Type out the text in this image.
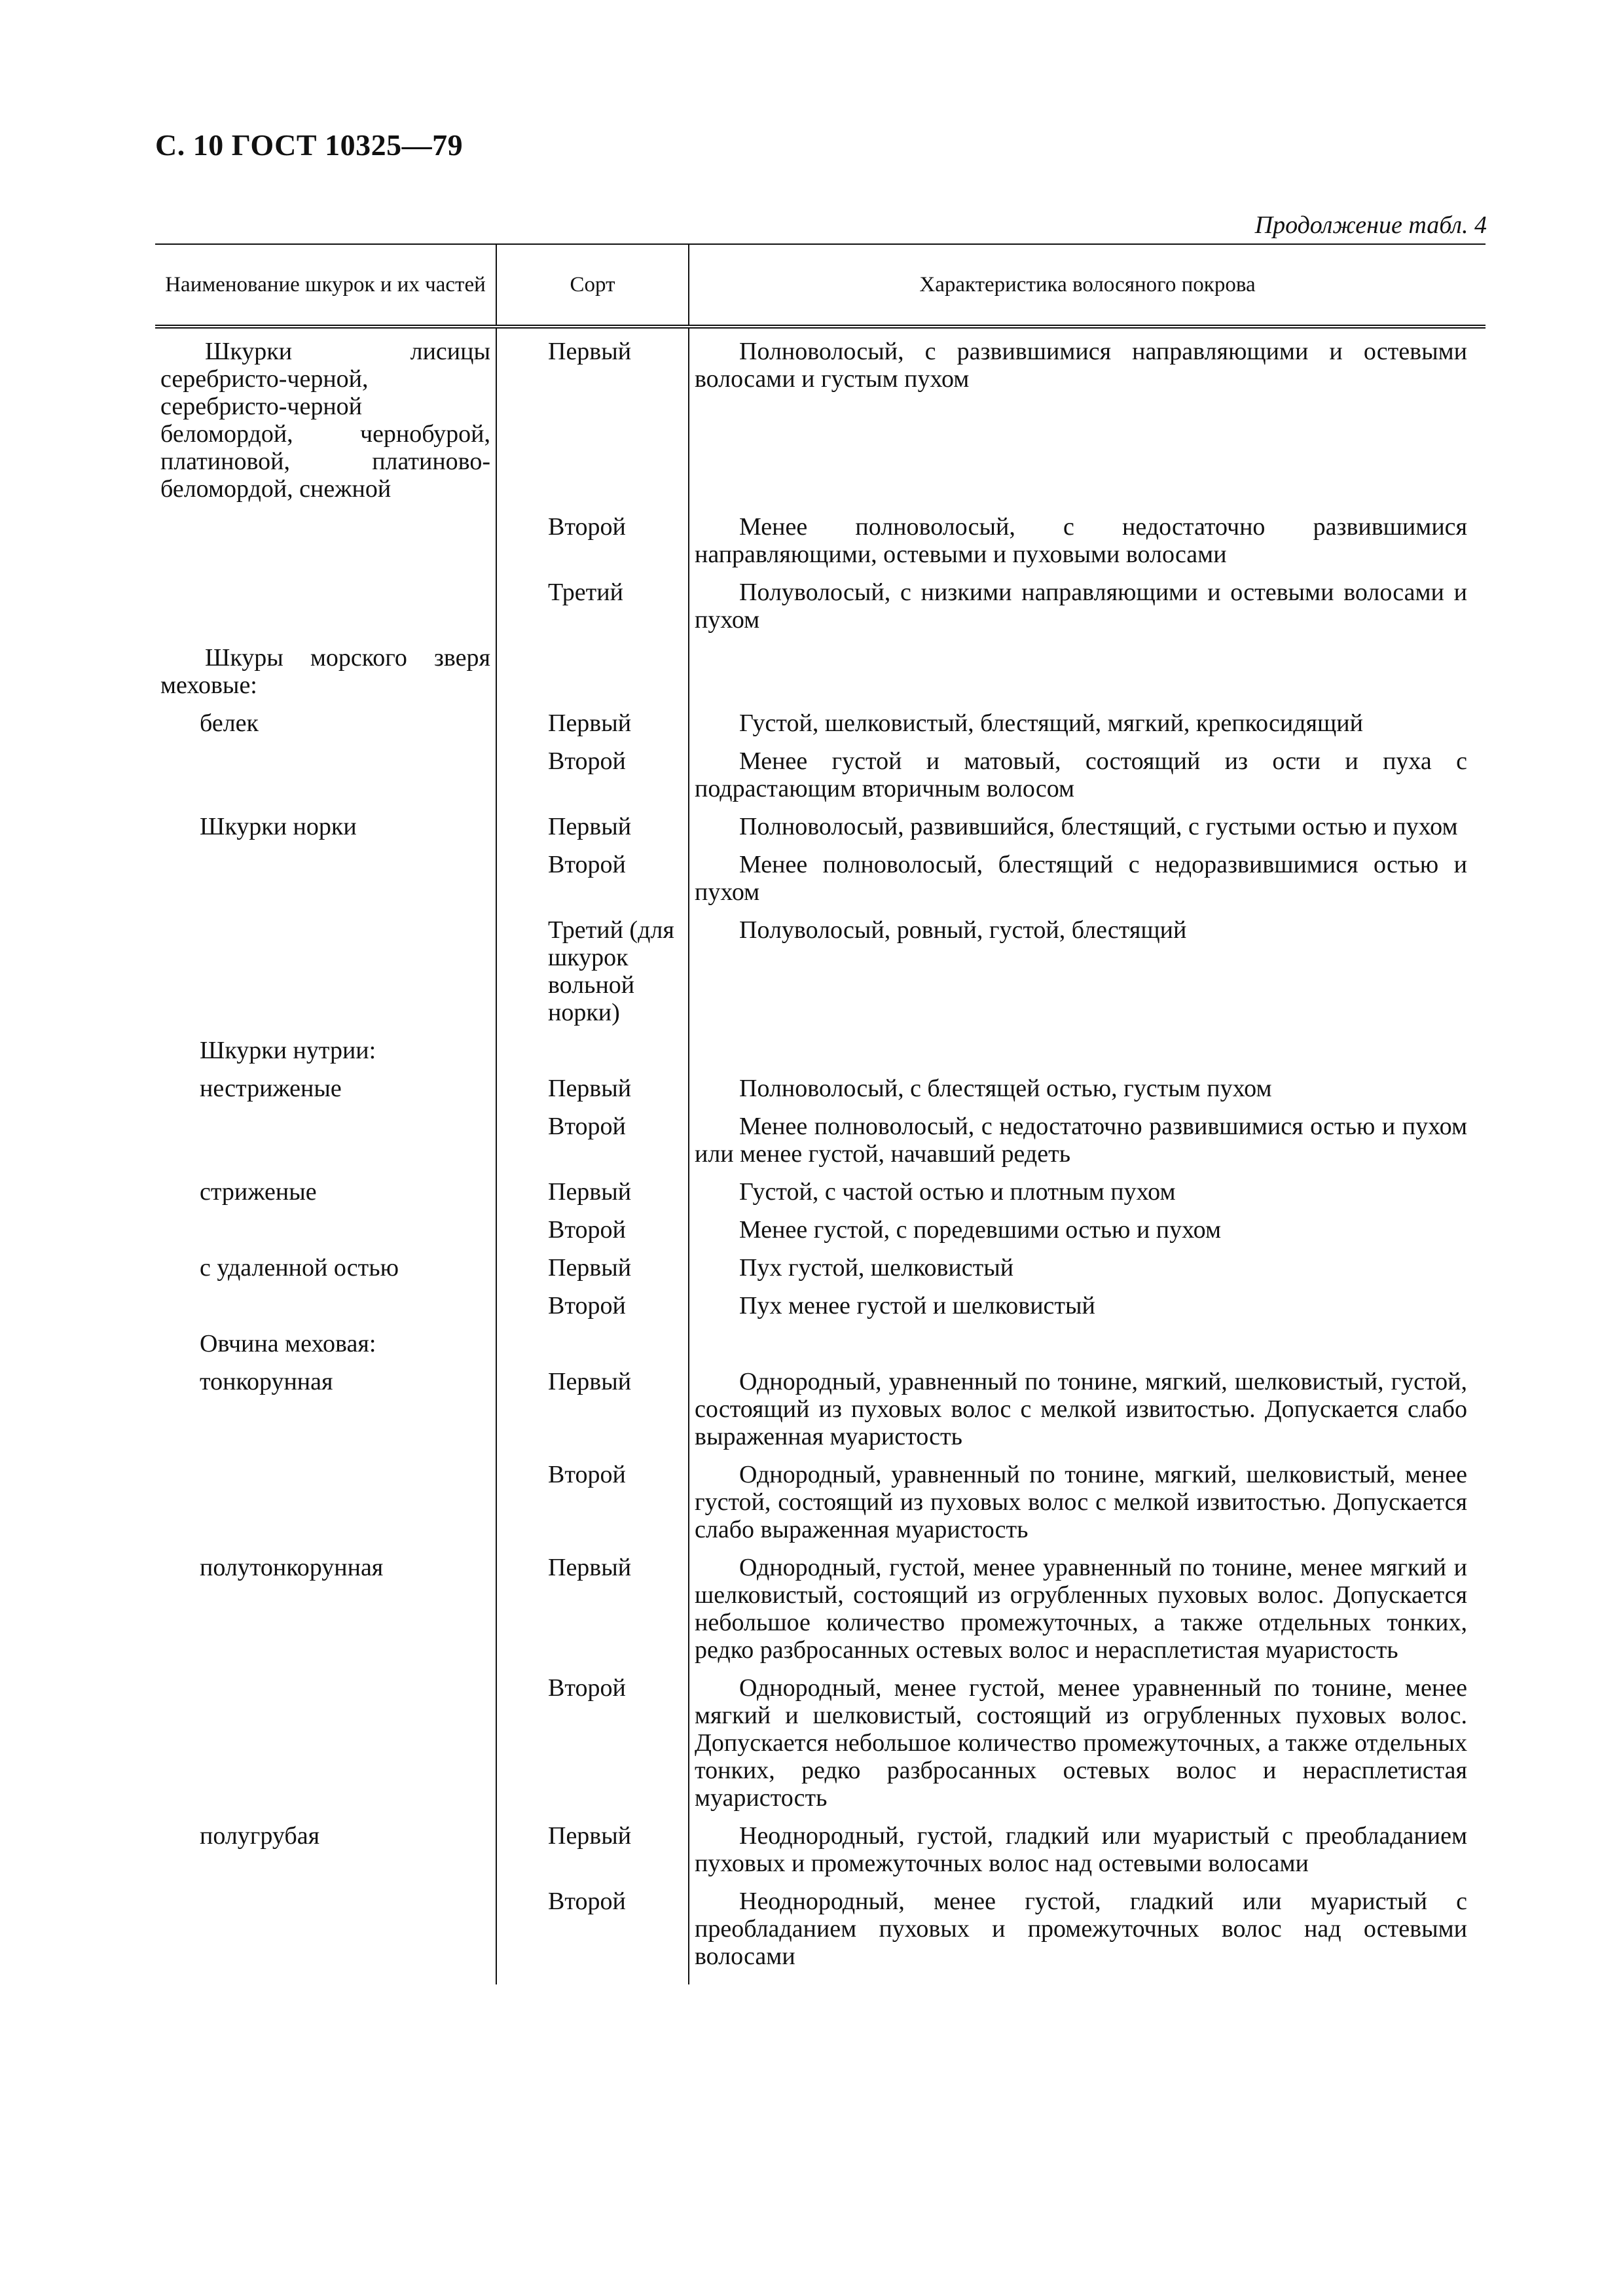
С. 10 ГОСТ 10325—79
Продолжение табл. 4
Наименование шкурок и их частей	Сорт	Характеристика волосяного покрова
Шкурки лисицы серебристо-черной, серебристо-черной беломордой, чернобурой, платиновой, платиново-беломордой, снежной	Первый	Полноволосый, с развившимися направляющими и остевыми волосами и густым пухом
	Второй	Менее полноволосый, с недостаточно развившимися направляющими, остевыми и пуховыми волосами
	Третий	Полуволосый, с низкими направляющими и остевыми волосами и пухом
Шкуры морского зверя меховые:		
белек	Первый	Густой, шелковистый, блестящий, мягкий, крепкосидящий
	Второй	Менее густой и матовый, состоящий из ости и пуха с подрастающим вторичным волосом
Шкурки норки	Первый	Полноволосый, развившийся, блестящий, с густыми остью и пухом
	Второй	Менее полноволосый, блестящий с недоразвившимися остью и пухом
	Третий (для шкурок вольной норки)	Полуволосый, ровный, густой, блестящий
Шкурки нутрии:		
нестриженые	Первый	Полноволосый, с блестящей остью, густым пухом
	Второй	Менее полноволосый, с недостаточно развившимися остью и пухом или менее густой, начавший редеть
стриженые	Первый	Густой, с частой остью и плотным пухом
	Второй	Менее густой, с поредевшими остью и пухом
с удаленной остью	Первый	Пух густой, шелковистый
	Второй	Пух менее густой и шелковистый
Овчина меховая:		
тонкорунная	Первый	Однородный, уравненный по тонине, мягкий, шелковистый, густой, состоящий из пуховых волос с мелкой извитостью. Допускается слабо выраженная муаристость
	Второй	Однородный, уравненный по тонине, мягкий, шелковистый, менее густой, состоящий из пуховых волос с мелкой извитостью. Допускается слабо выраженная муаристость
полутонкорунная	Первый	Однородный, густой, менее уравненный по тонине, менее мягкий и шелковистый, состоящий из огрубленных пуховых волос. Допускается небольшое количество промежуточных, а также отдельных тонких, редко разбросанных остевых волос и нерасплетистая муаристость
	Второй	Однородный, менее густой, менее уравненный по тонине, менее мягкий и шелковистый, состоящий из огрубленных пуховых волос. Допускается небольшое количество промежуточных, а также отдельных тонких, редко разбросанных остевых волос и нерасплетистая муаристость
полугрубая	Первый	Неоднородный, густой, гладкий или муаристый с преобладанием пуховых и промежуточных волос над остевыми волосами
	Второй	Неоднородный, менее густой, гладкий или муаристый с преобладанием пуховых и промежуточных волос над остевыми волосами
